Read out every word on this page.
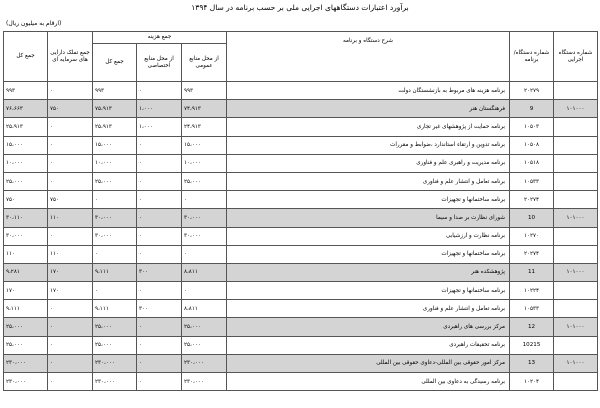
برآورد اعتبارات دستگاههای اجرایی ملی بر حسب برنامه در سال ۱۳۹۴
(ارقام به میلیون ریال)
جمع کل	جمع تملک دارایی های سرمایه ای	جمع هزینه			شرح دستگاه و برنامه	شماره دستگاه/ برنامه	شماره دستگاه اجرایی
		جمع کل	از محل منابع اختصاصی	از محل منابع عمومی			
۹۹۳	۰	۹۹۳	۰	۹۹۳	برنامه هزینه های مربوط به بازنشستگان دولت	۲۰۲۷۹	
۷۶،۶۶۳	۷۵۰	۷۵،۹۱۳	۱،۰۰۰	۷۴،۹۱۳	فرهنگستان هنر	9	۱۰۱۰۰۰
۲۵،۹۱۳	۰	۲۵،۹۱۳	۱،۰۰۰	۲۴،۹۱۳	برنامه حمایت از پژوهشهای غیر تجاری	۱۰۵۰۳	
۱۵،۰۰۰	۰	۱۵،۰۰۰	۰	۱۵،۰۰۰	برنامه تدوین و ارتقاء استاندارد ،ضوابط و مقررات	۱۰۵۰۸	
۱۰،۰۰۰	۰	۱۰،۰۰۰	۰	۱۰،۰۰۰	برنامه مدیریت و راهبری علم و فناوری	۱۰۵۱۸	
۲۵،۰۰۰	۰	۲۵،۰۰۰	۰	۲۵،۰۰۰	برنامه تعامل و انتشار علم و فناوری	۱۰۵۳۳	
۷۵۰	۷۵۰	۰	۰	۰	برنامه ساختمانها و تجهیزات	۲۰۲۷۴	
۳۰،۱۱۰	۱۱۰	۳۰،۰۰۰	۰	۳۰،۰۰۰	شورای نظارت بر صدا و سیما	10	۱۰۱۰۰۰
۳۰،۰۰۰	۰	۳۰،۰۰۰	۰	۳۰،۰۰۰	برنامه نظارت و ارزشیابی	۱۰۲۷۰	
۱۱۰	۱۱۰	۰	۰	۰	برنامه ساختمانها و تجهیزات	۲۰۲۷۴	
۹،۲۸۱	۱۷۰	۹،۱۱۱	۳۰۰	۸،۸۱۱	پژوهشکده هنر	11	۱۰۱۰۰۰
۱۷۰	۱۷۰	۰	۰	۰	برنامه ساختمانها و تجهیزات	۱۰۲۲۴	
۹،۱۱۱	۰	۹،۱۱۱	۳۰۰	۸،۸۱۱	برنامه تعامل و انتشار علم و فناوری	۱۰۵۳۳	
۲۵،۰۰۰	۰	۲۵،۰۰۰	۰	۲۵،۰۰۰	مرکز بررسی های راهبردی	12	۱۰۱۰۰۰
۲۵،۰۰۰	۰	۲۵،۰۰۰	۰	۲۵،۰۰۰	برنامه تحقیقات راهبردی	10215	
۲۳۰،۰۰۰	۰	۲۳۰،۰۰۰	۰	۲۳۰،۰۰۰	مرکز امور حقوقی بین المللی-دعاوی حقوقی بین المللی	13	۱۰۱۰۰۰
۲۳۰،۰۰۰	۰	۲۳۰،۰۰۰	۰	۲۳۰،۰۰۰	برنامه رسیدگی به دعاوی بین المللی	۱۰۲۰۴	
